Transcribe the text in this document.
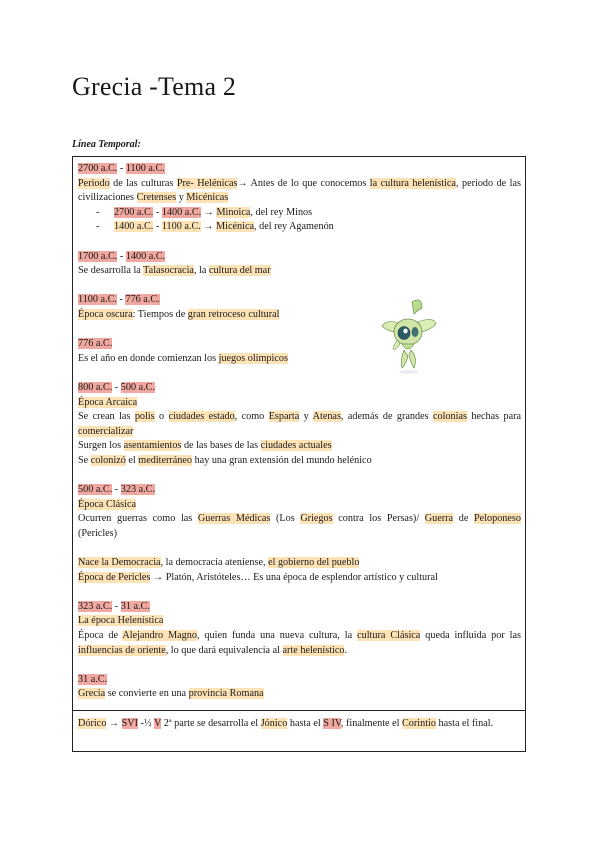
Grecia -Tema 2
Línea Temporal:

2700 a.C. - 1100 a.C.

Periodo de las culturas Pre- Helénicas→ Antes de lo que conocemos la cultura helenística, periodo de las civilizaciones Cretenses y Micénicas

- 2700 a.C. - 1400 a.C. → Minoica, del rey Minos

- 1400 a.C. - 1100 a.C. → Micénica, del rey Agamenón

1700 a.C. - 1400 a.C.

Se desarrolla la Talasocracia, la cultura del mar

1100 a.C. - 776 a.C.

Época oscura: Tiempos de gran retroceso cultural

776 a.C.

Es el año en donde comienzan los juegos olímpicos

800 a.C. - 500 a.C.

Época Arcaica

Se crean las polis o ciudades estado, como Esparta y Atenas, además de grandes colonias hechas para comercializar

Surgen los asentamientos de las bases de las ciudades actuales

Se colonizó el mediterráneo hay una gran extensión del mundo helénico

500 a.C. - 323 a.C.

Época Clásica

Ocurren guerras como las Guerras Médicas (Los Griegos contra los Persas)/ Guerra de Peloponeso (Pericles)

Nace la Democracia, la democracia ateniense, el gobierno del pueblo

Época de Pericles → Platón, Aristóteles… Es una época de esplendor artístico y cultural

323 a.C. - 31 a.C.

La época Helenística

Época de Alejandro Magno, quien funda una nueva cultura, la cultura Clásica queda influida por las influencias de oriente, lo que dará equivalencia al arte helenístico.

31 a.C.

Grecia se convierte en una provincia Romana

Dórico → SVI -½ V 2ª parte se desarrolla el Jónico hasta el S IV, finalmente el Corintio hasta el final.
